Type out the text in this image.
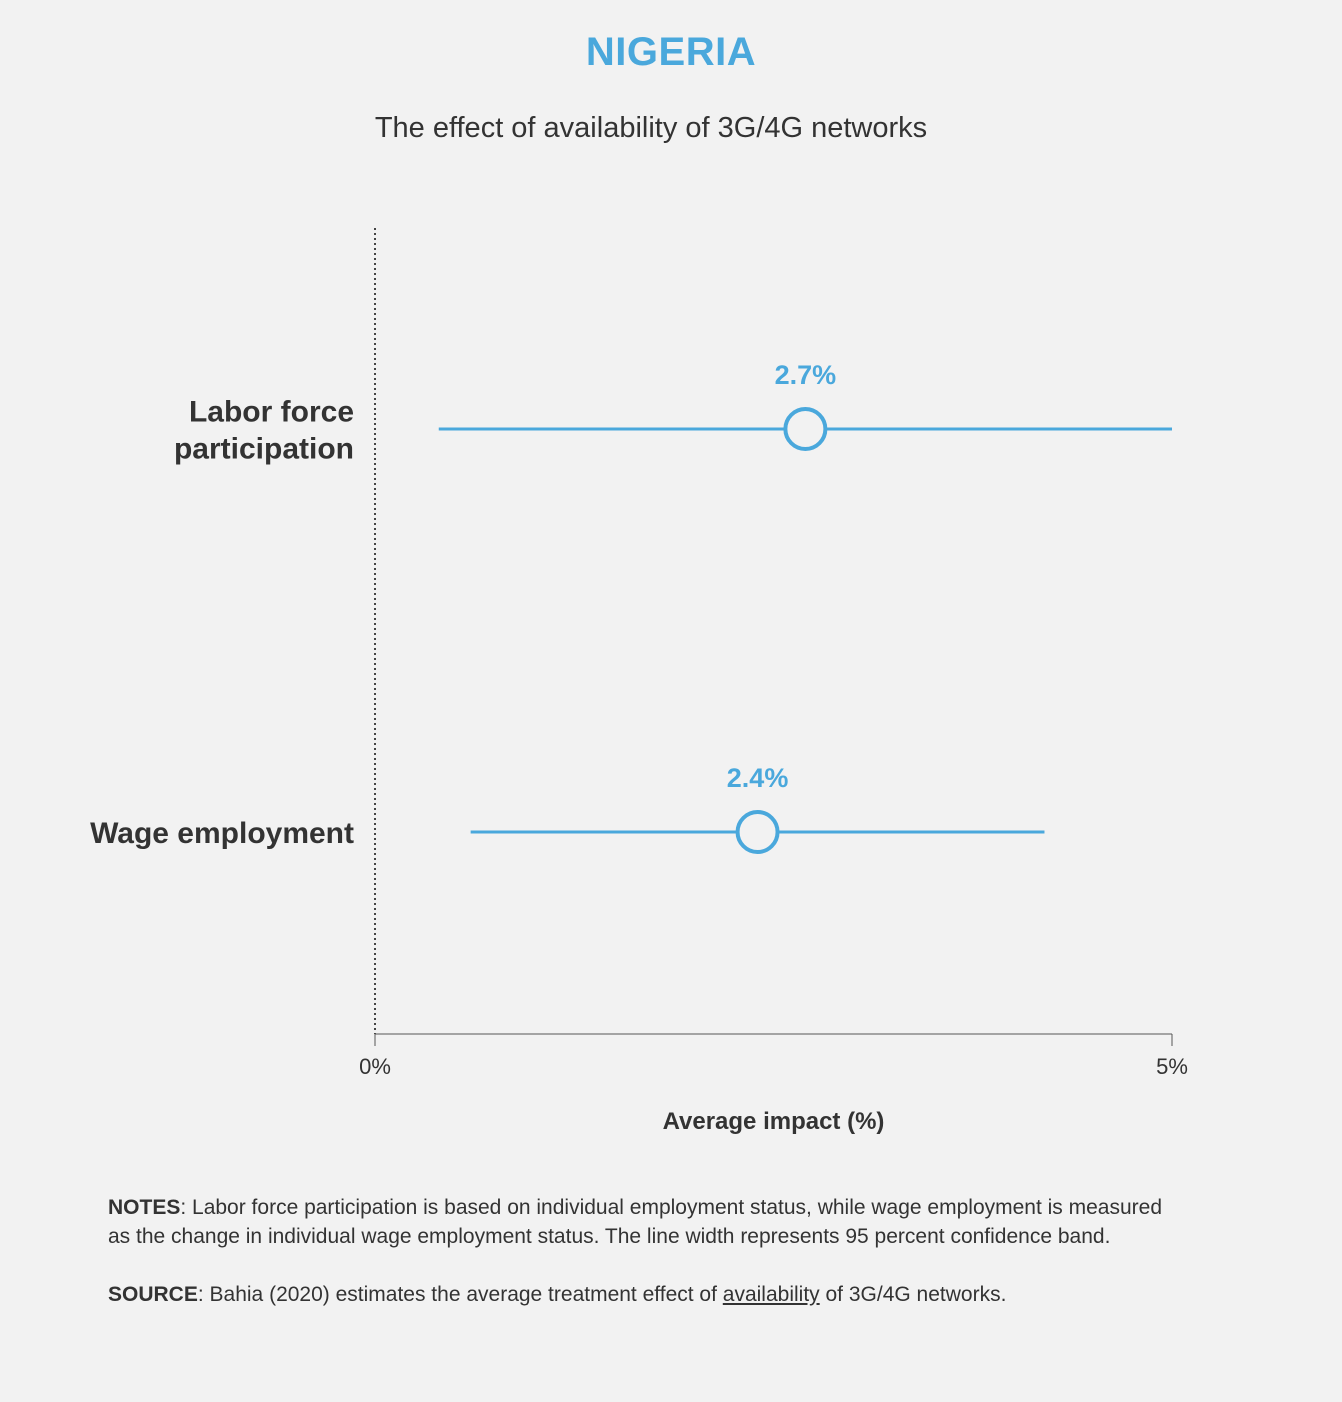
NIGERIA
The effect of availability of 3G/4G networks
0%	5%
Average impact (%)
2.7%
Labor force
participation
2.4%
Wage employment

NOTES: Labor force participation is based on individual employment status, while wage employment is measured as the change in individual wage employment status. The line width represents 95 percent confidence band.

SOURCE: Bahia (2020) estimates the average treatment effect of availability of 3G/4G networks.
